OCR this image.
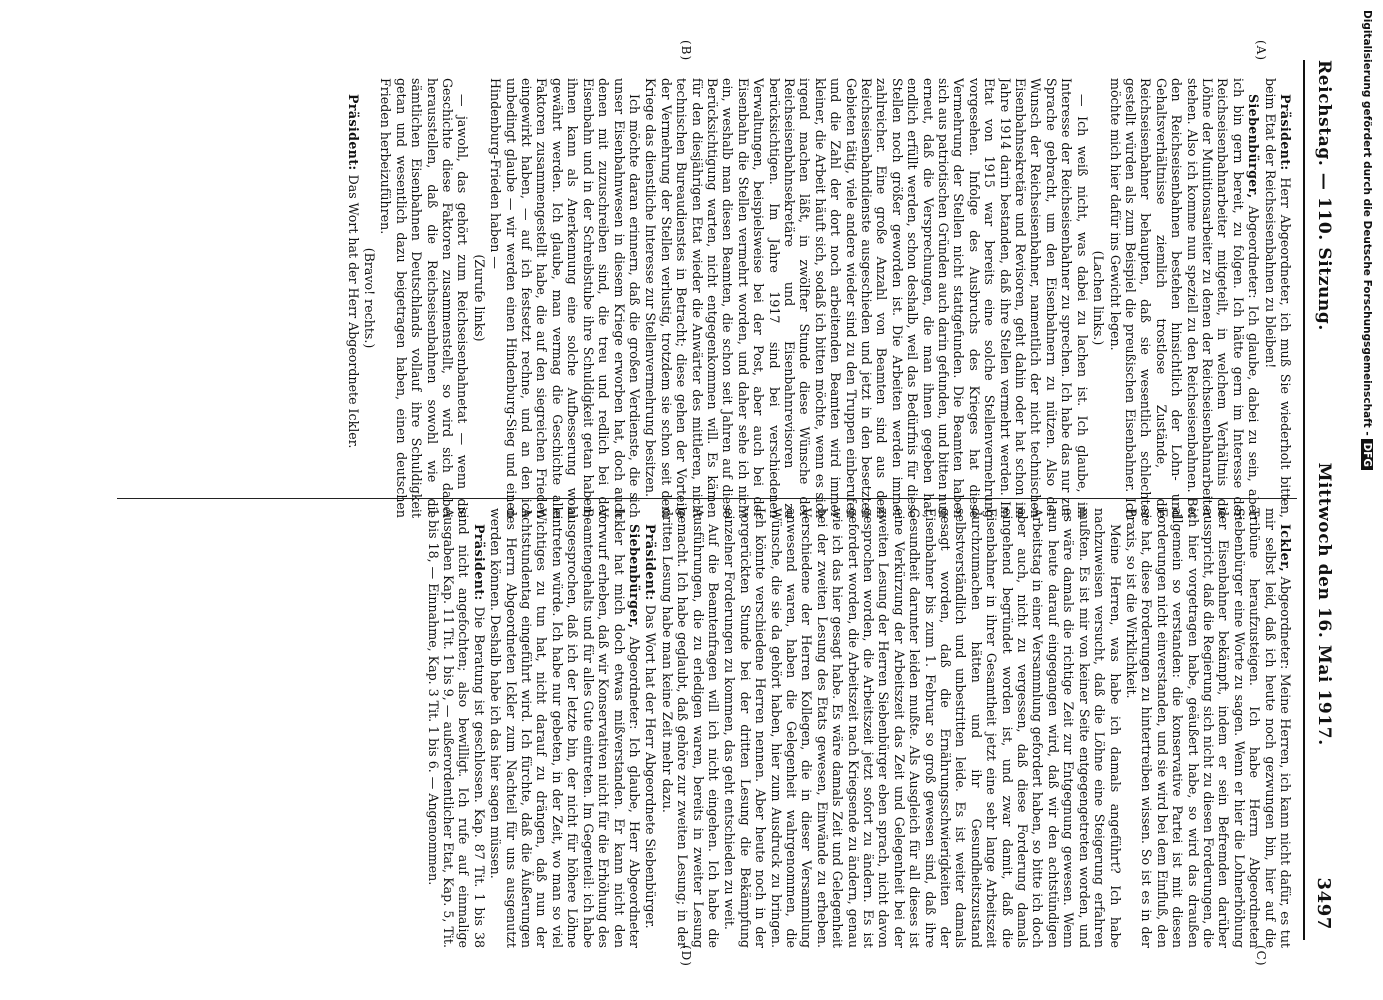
Reichstag. — 110. Sitzung.
Mittwoch den 16. Mai 1917.
3497
(A)
(B)
(C)
(D)

Präsident: Herr Abgeordneter, ich muß Sie wiederholt bitten, beim Etat der Reichseisenbahnen zu bleiben!

Siebenbürger, Abgeordneter: Ich glaube, dabei zu sein, aber ich bin gern bereit, zu folgen. Ich hätte gern im Interesse der Reichseisenbahnarbeiter mitgeteilt, in welchem Verhältnis die Löhne der Munitionsarbeiter zu denen der Reichseisenbahnarbeiter stehen. Also ich komme nun speziell zu den Reichseisenbahnen. Bei den Reichseisenbahnen bestehen hinsichtlich der Lohn- und Gehaltsverhältnisse ziemlich trostlose Zustände, die Reichseisenbahner behaupten, daß sie wesentlich schlechter gestellt würden als zum Beispiel die preußischen Eisenbahner. Ich möchte mich hier dafür ins Gewicht legen.

(Lachen links.)

— Ich weiß nicht, was dabei zu lachen ist. Ich glaube, im Interesse der Reichseisenbahner zu sprechen. Ich habe das nur zur Sprache gebracht, um den Eisenbahnern zu nützen. Also der Wunsch der Reichseisenbahner, namentlich der nicht technischen Eisenbahnsekretäre und Revisoren, geht dahin oder hat schon im Jahre 1914 darin bestanden, daß ihre Stellen vermehrt werden. Im Etat von 1915 war bereits eine solche Stellenvermehrung vorgesehen. Infolge des Ausbruchs des Krieges hat diese Vermehrung der Stellen nicht stattgefunden. Die Beamten haben sich aus patriotischen Gründen auch darin gefunden, und bitten nun erneut, daß die Versprechungen, die man ihnen gegeben hat, endlich erfüllt werden, schon deshalb, weil das Bedürfnis für diese Stellen noch größer geworden ist. Die Arbeiten werden immer zahlreicher. Eine große Anzahl von Beamten sind aus dem Reichseisenbahndienste ausgeschieden und jetzt in den besetzten Gebieten tätig, viele andere wieder sind zu den Truppen einberufen und die Zahl der dort noch arbeitenden Beamten wird immer kleiner, die Arbeit häuft sich, sodaß ich bitten möchte, wenn es sich irgend machen läßt, in zwölfter Stunde diese Wünsche der Reichseisenbahnsekretäre und Eisenbahnrevisoren zu berücksichtigen. Im Jahre 1917 sind bei verschiedenen Verwaltungen, beispielsweise bei der Post, aber auch bei der Eisenbahn die Stellen vermehrt worden, und daher sehe ich nicht ein, weshalb man diesen Beamten, die schon seit Jahren auf diese Berücksichtigung warten, nicht entgegenkommen will. Es kämen für den diesjährigen Etat wieder die Anwärter des mittleren, nicht technischen Bureaudienstes in Betracht; diese gehen der Vorteile der Vermehrung der Stellen verlustig, trotzdem sie schon seit dem Kriege das dienstliche Interesse zur Stellenvermehrung besitzen.

Ich möchte daran erinnern, daß die großen Verdienste, die sich unser Eisenbahnwesen in diesem Kriege erworben hat, doch auch denen mit zuzuschreiben sind, die treu und redlich bei der Eisenbahn und in der Schreibstube ihre Schuldigkeit getan haben; ihnen kann als Anerkennung eine solche Aufbesserung wohl gewährt werden. Ich glaube, man vermag die Geschichte alle Faktoren zusammengestellt habe, die auf den siegreichen Frieden eingewirkt haben, — auf ich festsetzt rechne, und an den ich unbedingt glaube — wir werden einen Hindenburg-Sieg und einen Hindenburg-Frieden haben —

(Zurufe links)

— jawohl, das gehört zum Reichseisenbahnetat — wenn die Geschichte diese Faktoren zusammenstellt, so wird sich dabei herausstellen, daß die Reichseisenbahnen sowohl wie die sämtlichen Eisenbahnen Deutschlands vollauf ihre Schuldigkeit getan und wesentlich dazu beigetragen haben, einen deutschen Frieden herbeizuführen.

(Bravo! rechts.)

Präsident: Das Wort hat der Herr Abgeordnete Ickler.

Ickler, Abgeordneter: Meine Herren, ich kann nicht dafür, es tut mir selbst leid, daß ich heute noch gezwungen bin, hier auf die Tribüne heraufzusteigen. Ich habe Herrn Abgeordneten Siebenbürger eine Worte zu sagen. Wenn er hier die Lohnerhöhung der Eisenbahner bekämpft, indem er sein Befremden darüber ausspricht, daß die Regierung sich nicht zu diesen Forderungen, die ich hier vorgetragen habe, geäußert habe, so wird das draußen allgemein so verstanden: die konservative Partei ist mit diesen Forderungen nicht einverstanden, und sie wird bei dem Einfluß, den sie hat, diese Forderungen zu hintertreiben wissen. So ist es in der Praxis, so ist die Wirklichkeit.

Meine Herren, was habe ich damals angeführt? Ich habe nachzuweisen versucht, daß die Löhne eine Steigerung erfahren mußten. Es ist mir von keiner Seite entgegengetreten worden, und es wäre damals die richtige Zeit zur Entgegnung gewesen. Wenn nun heute darauf eingegangen wird, daß wir den achtstündigen Arbeitstag in einer Versammlung gefordert haben, so bitte ich doch aber auch, nicht zu vergessen, daß diese Forderung damals eingehend begründet worden ist, und zwar damit, daß die Eisenbahner in ihrer Gesamtheit jetzt eine sehr lange Arbeitszeit durchzumachen hätten und ihr Gesundheitszustand selbstverständlich und unbestritten leide. Es ist weiter damals gesagt worden, daß die Ernährungsschwierigkeiten der Eisenbahner bis zum 1. Februar so groß gewesen sind, daß ihre Gesundheit darunter leiden mußte. Als Ausgleich für all dieses ist eine Verkürzung der Arbeitszeit das Zeit und Gelegenheit bei der zweiten Lesung der Herren Siebenbürger eben sprach, nicht davon gesprochen worden, die Arbeitszeit jetzt sofort zu ändern. Es ist gefordert worden, die Arbeitszeit nach Kriegsende zu ändern, genau wie ich das hier gesagt habe. Es wäre damals Zeit und Gelegenheit bei der zweiten Lesung des Etats gewesen, Einwände zu erheben. Verschiedene der Herren Kollegen, die in dieser Versammlung anwesend waren, haben die Gelegenheit wahrgenommen, die Wünsche, die sie da gehört haben, hier zum Ausdruck zu bringen. Ich könnte verschiedene Herren nennen. Aber heute noch in der vorgerückten Stunde bei der dritten Lesung die Bekämpfung einzelner Forderungen zu kommen, das geht entschieden zu weit.

Auf die Beamtenfragen will ich nicht eingehen. Ich habe die Ausführungen, die zu erledigen waren, bereits in zweiter Lesung gemacht. Ich habe geglaubt, daß gehöre zur zweiten Lesung; in der dritten Lesung habe man keine Zeit mehr dazu.

Präsident: Das Wort hat der Herr Abgeordnete Siebenbürger.

Siebenbürger, Abgeordneter: Ich glaube, Herr Abgeordneter Ickler hat mich doch etwas mißverstanden. Er kann nicht den Vorwurf erheben, daß wir Konservativen nicht für die Erhöhung des Beamtengehalts und für alles Gute eintreten. Im Gegenteil: ich habe ausgesprochen, daß ich der letzte bin, der nicht für höhere Löhne eintreten würde. Ich habe nur gebeten, in der Zeit, wo man so viel Wichtiges zu tun hat, nicht darauf zu drängen, daß nun der Achtstundentag eingeführt wird. Ich fürchte, daß die Äußerungen des Herrn Abgeordneten Ickler zum Nachteil für uns ausgenutzt werden können. Deshalb habe ich das hier sagen müssen.

Präsident: Die Beratung ist geschlossen. Kap. 87 Tit. 1 bis 38 sind nicht angefochten; also bewilligt. Ich rufe auf einmalige Ausgaben Kap. 11 Tit. 1 bis 9, — außerordentlicher Etat, Kap. 5, Tit. 1 bis 18, — Einnahme, Kap. 3 Tit. 1 bis 6. — Angenommen.

Digitalisierung gefördert durch die Deutsche Forschungsgemeinschaft - DFG
